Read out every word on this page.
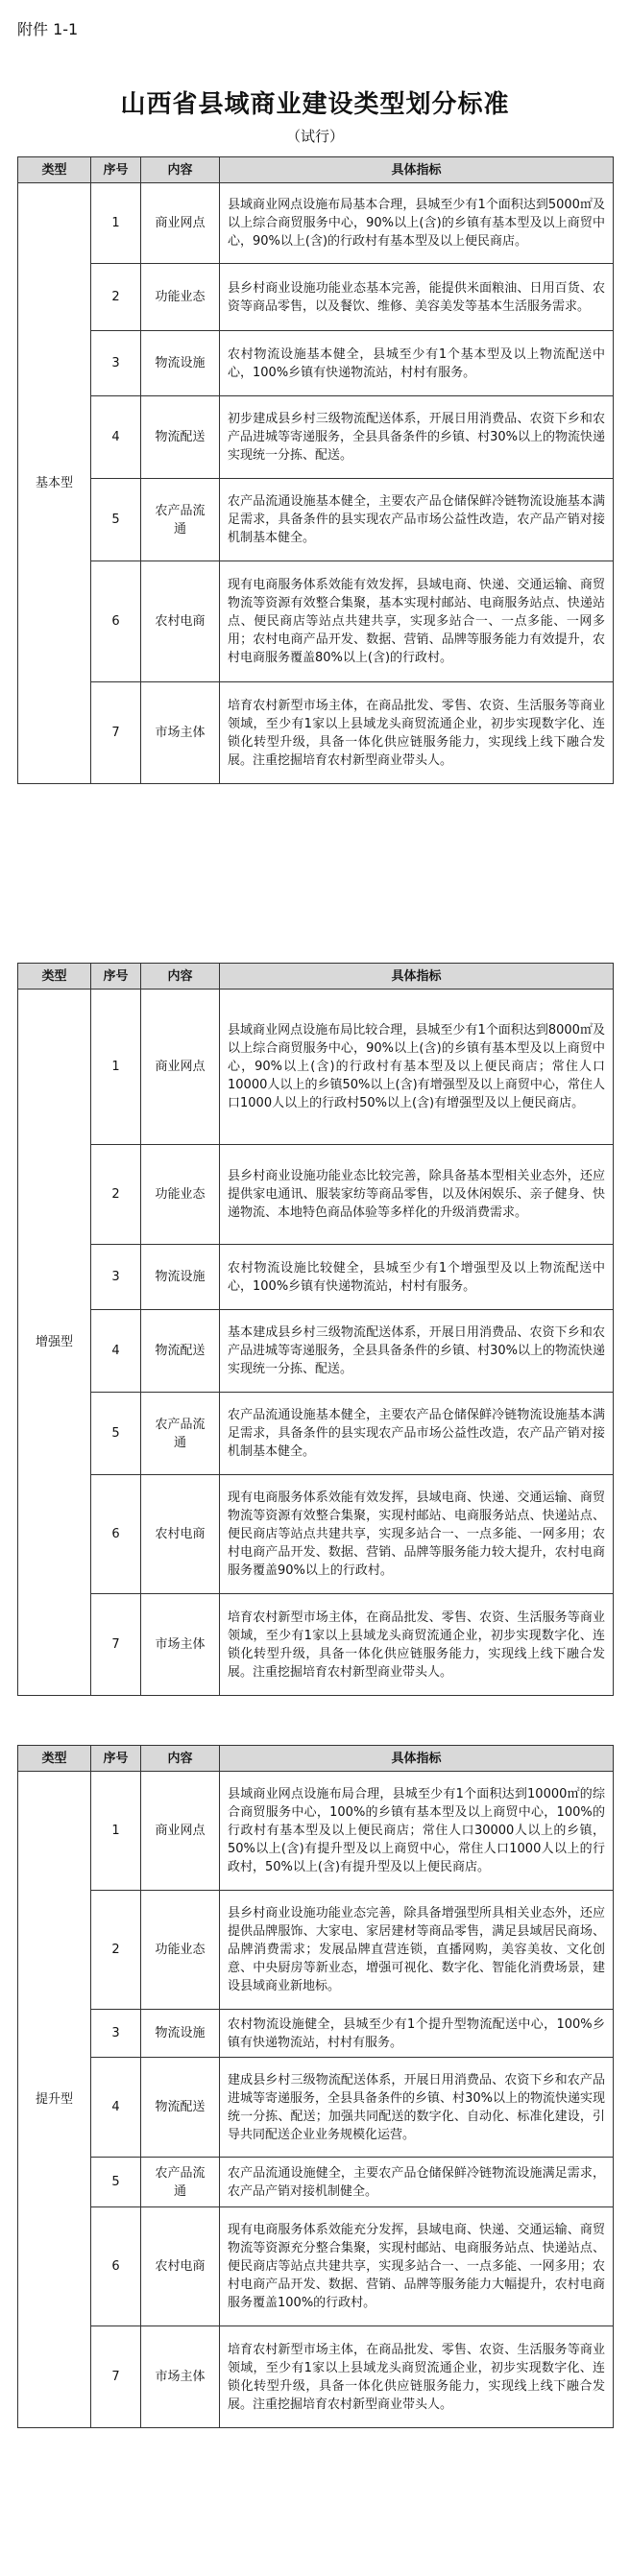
附件 1-1
山西省县域商业建设类型划分标准
（试行）
类型	序号	内容	具体指标
基本型	1	商业网点	县域商业网点设施布局基本合理，县城至少有1个面积达到5000㎡及以上综合商贸服务中心，90%以上(含)的乡镇有基本型及以上商贸中心，90%以上(含)的行政村有基本型及以上便民商店。

	2	功能业态	县乡村商业设施功能业态基本完善，能提供米面粮油、日用百货、农资等商品零售，以及餐饮、维修、美容美发等基本生活服务需求。

	3	物流设施	农村物流设施基本健全，县城至少有1个基本型及以上物流配送中心，100%乡镇有快递物流站，村村有服务。

	4	物流配送	初步建成县乡村三级物流配送体系，开展日用消费品、农资下乡和农产品进城等寄递服务，全县具备条件的乡镇、村30%以上的物流快递实现统一分拣、配送。

	5	农产品流通	农产品流通设施基本健全，主要农产品仓储保鲜冷链物流设施基本满足需求，具备条件的县实现农产品市场公益性改造，农产品产销对接机制基本健全。

	6	农村电商	现有电商服务体系效能有效发挥，县域电商、快递、交通运输、商贸物流等资源有效整合集聚，基本实现村邮站、电商服务站点、快递站点、便民商店等站点共建共享，实现多站合一、一点多能、一网多用；农村电商产品开发、数据、营销、品牌等服务能力有效提升，农村电商服务覆盖80%以上(含)的行政村。

	7	市场主体	培育农村新型市场主体，在商品批发、零售、农资、生活服务等商业领域，至少有1家以上县域龙头商贸流通企业，初步实现数字化、连锁化转型升级，具备一体化供应链服务能力，实现线上线下融合发展。注重挖掘培育农村新型商业带头人。
类型	序号	内容	具体指标
增强型	1	商业网点	县域商业网点设施布局比较合理，县城至少有1个面积达到8000㎡及以上综合商贸服务中心，90%以上(含)的乡镇有基本型及以上商贸中心，90%以上(含)的行政村有基本型及以上便民商店；常住人口10000人以上的乡镇50%以上(含)有增强型及以上商贸中心，常住人口1000人以上的行政村50%以上(含)有增强型及以上便民商店。

	2	功能业态	县乡村商业设施功能业态比较完善，除具备基本型相关业态外，还应提供家电通讯、服装家纺等商品零售，以及休闲娱乐、亲子健身、快递物流、本地特色商品体验等多样化的升级消费需求。

	3	物流设施	农村物流设施比较健全，县城至少有1个增强型及以上物流配送中心，100%乡镇有快递物流站，村村有服务。

	4	物流配送	基本建成县乡村三级物流配送体系，开展日用消费品、农资下乡和农产品进城等寄递服务，全县具备条件的乡镇、村30%以上的物流快递实现统一分拣、配送。

	5	农产品流通	农产品流通设施基本健全，主要农产品仓储保鲜冷链物流设施基本满足需求，具备条件的县实现农产品市场公益性改造，农产品产销对接机制基本健全。

	6	农村电商	现有电商服务体系效能有效发挥，县域电商、快递、交通运输、商贸物流等资源有效整合集聚，实现村邮站、电商服务站点、快递站点、便民商店等站点共建共享，实现多站合一、一点多能、一网多用；农村电商产品开发、数据、营销、品牌等服务能力较大提升，农村电商服务覆盖90%以上的行政村。

	7	市场主体	培育农村新型市场主体，在商品批发、零售、农资、生活服务等商业领域，至少有1家以上县域龙头商贸流通企业，初步实现数字化、连锁化转型升级，具备一体化供应链服务能力，实现线上线下融合发展。注重挖掘培育农村新型商业带头人。
类型	序号	内容	具体指标
提升型	1	商业网点	县域商业网点设施布局合理，县城至少有1个面积达到10000㎡的综合商贸服务中心，100%的乡镇有基本型及以上商贸中心，100%的行政村有基本型及以上便民商店；常住人口30000人以上的乡镇，50%以上(含)有提升型及以上商贸中心，常住人口1000人以上的行政村，50%以上(含)有提升型及以上便民商店。

	2	功能业态	县乡村商业设施功能业态完善，除具备增强型所具相关业态外，还应提供品牌服饰、大家电、家居建材等商品零售，满足县域居民商场、品牌消费需求；发展品牌直营连锁，直播网购，美容美妆、文化创意、中央厨房等新业态，增强可视化、数字化、智能化消费场景，建设县域商业新地标。

	3	物流设施	农村物流设施健全，县城至少有1个提升型物流配送中心，100%乡镇有快递物流站，村村有服务。

	4	物流配送	建成县乡村三级物流配送体系，开展日用消费品、农资下乡和农产品进城等寄递服务，全县具备条件的乡镇、村30%以上的物流快递实现统一分拣、配送；加强共同配送的数字化、自动化、标准化建设，引导共同配送企业业务规模化运营。

	5	农产品流通	农产品流通设施健全，主要农产品仓储保鲜冷链物流设施满足需求，农产品产销对接机制健全。

	6	农村电商	现有电商服务体系效能充分发挥，县域电商、快递、交通运输、商贸物流等资源充分整合集聚，实现村邮站、电商服务站点、快递站点、便民商店等站点共建共享，实现多站合一、一点多能、一网多用；农村电商产品开发、数据、营销、品牌等服务能力大幅提升，农村电商服务覆盖100%的行政村。

	7	市场主体	培育农村新型市场主体，在商品批发、零售、农资、生活服务等商业领域，至少有1家以上县域龙头商贸流通企业，初步实现数字化、连锁化转型升级，具备一体化供应链服务能力，实现线上线下融合发展。注重挖掘培育农村新型商业带头人。
